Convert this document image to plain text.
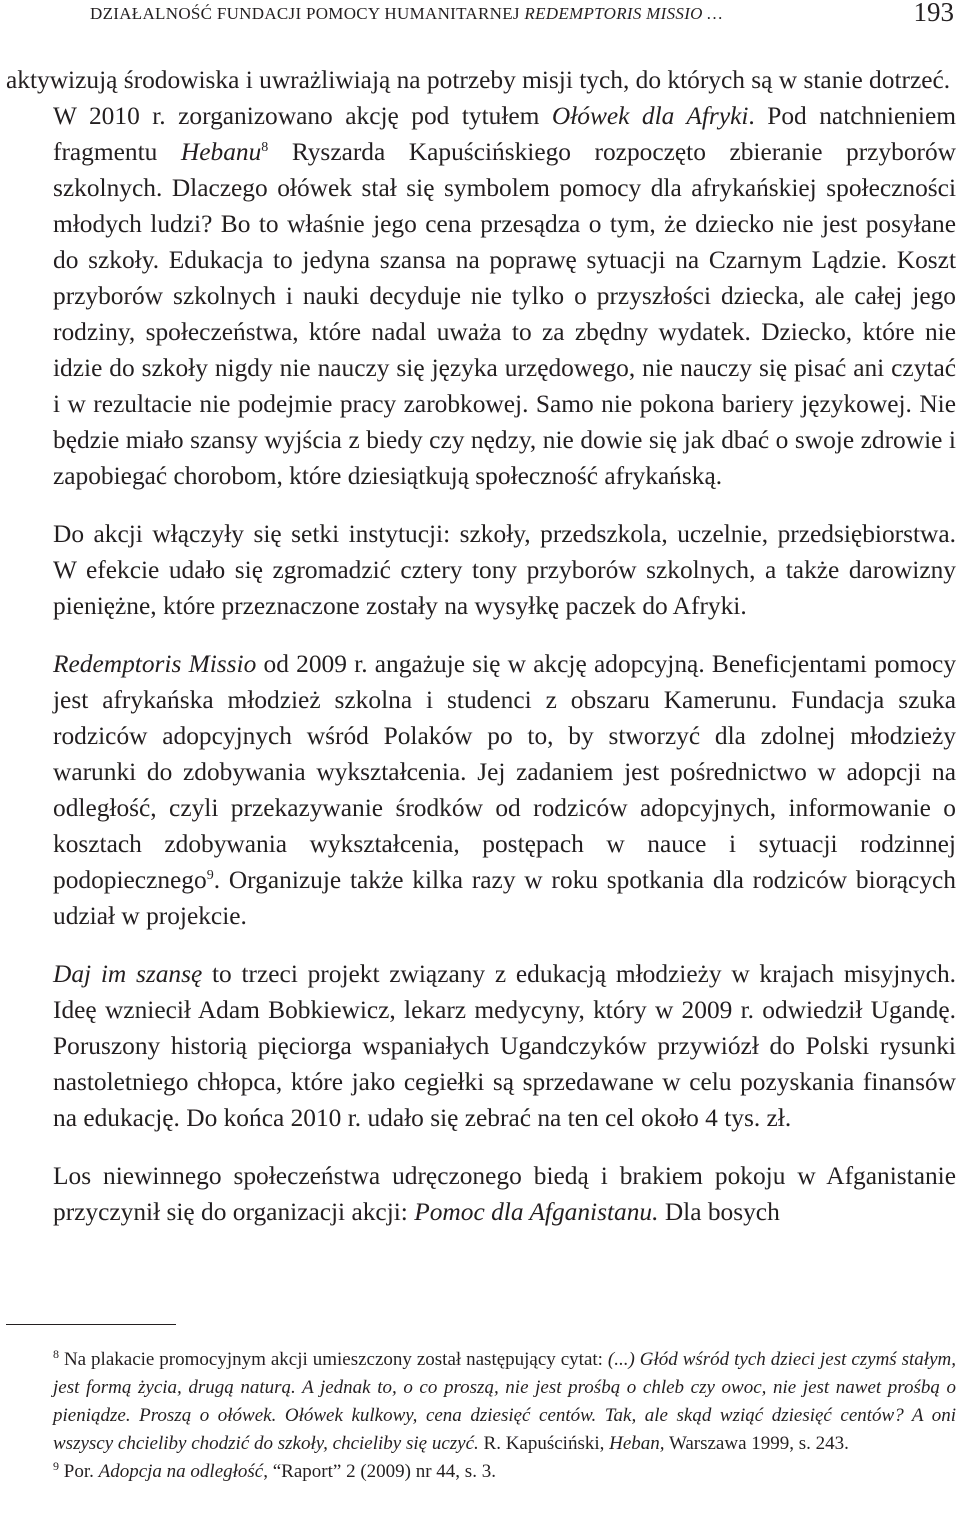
DZIAŁALNOŚĆ FUNDACJI POMOCY HUMANITARNEJ REDEMPTORIS MISSIO …	193

aktywizują środowiska i uwrażliwiają na potrzeby misji tych, do których są w stanie dotrzeć.

W 2010 r. zorganizowano akcję pod tytułem Ołówek dla Afryki. Pod natchnieniem fragmentu Hebanu$^8$ Ryszarda Kapuścińskiego rozpoczęto zbieranie przyborów szkolnych. Dlaczego ołówek stał się symbolem pomocy dla afrykańskiej społeczności młodych ludzi? Bo to właśnie jego cena przesądza o tym, że dziecko nie jest posyłane do szkoły. Edukacja to jedyna szansa na poprawę sytuacji na Czarnym Lądzie. Koszt przyborów szkolnych i nauki decyduje nie tylko o przyszłości dziecka, ale całej jego rodziny, społeczeństwa, które nadal uważa to za zbędny wydatek. Dziecko, które nie idzie do szkoły nigdy nie nauczy się języka urzędowego, nie nauczy się pisać ani czytać i w rezultacie nie podejmie pracy zarobkowej. Samo nie pokona bariery językowej. Nie będzie miało szansy wyjścia z biedy czy nędzy, nie dowie się jak dbać o swoje zdrowie i zapobiegać chorobom, które dziesiątkują społeczność afrykańską.

Do akcji włączyły się setki instytucji: szkoły, przedszkola, uczelnie, przedsiębiorstwa. W efekcie udało się zgromadzić cztery tony przyborów szkolnych, a także darowizny pieniężne, które przeznaczone zostały na wysyłkę paczek do Afryki.

Redemptoris Missio od 2009 r. angażuje się w akcję adopcyjną. Beneficjentami pomocy jest afrykańska młodzież szkolna i studenci z obszaru Kamerunu. Fundacja szuka rodziców adopcyjnych wśród Polaków po to, by stworzyć dla zdolnej młodzieży warunki do zdobywania wykształcenia. Jej zadaniem jest pośrednictwo w adopcji na odległość, czyli przekazywanie środków od rodziców adopcyjnych, informowanie o kosztach zdobywania wykształcenia, postępach w nauce i sytuacji rodzinnej podopiecznego$^9$. Organizuje także kilka razy w roku spotkania dla rodziców biorących udział w projekcie.

Daj im szansę to trzeci projekt związany z edukacją młodzieży w krajach misyjnych. Ideę wzniecił Adam Bobkiewicz, lekarz medycyny, który w 2009 r. odwiedził Ugandę. Poruszony historią pięciorga wspaniałych Ugandczyków przywiózł do Polski rysunki nastoletniego chłopca, które jako cegiełki są sprzedawane w celu pozyskania finansów na edukację. Do końca 2010 r. udało się zebrać na ten cel około 4 tys. zł.

Los niewinnego społeczeństwa udręczonego biedą i brakiem pokoju w Afganistanie przyczynił się do organizacji akcji: Pomoc dla Afganistanu. Dla bosych

$^8$ Na plakacie promocyjnym akcji umieszczony został następujący cytat: (...) Głód wśród tych dzieci jest czymś stałym, jest formą życia, drugą naturą. A jednak to, o co proszą, nie jest prośbą o chleb czy owoc, nie jest nawet prośbą o pieniądze. Proszą o ołówek. Ołówek kulkowy, cena dziesięć centów. Tak, ale skąd wziąć dziesięć centów? A oni wszyscy chcieliby chodzić do szkoły, chcieliby się uczyć. R. Kapuściński, Heban, Warszawa 1999, s. 243.

$^9$ Por. Adopcja na odległość, “Raport” 2 (2009) nr 44, s. 3.
